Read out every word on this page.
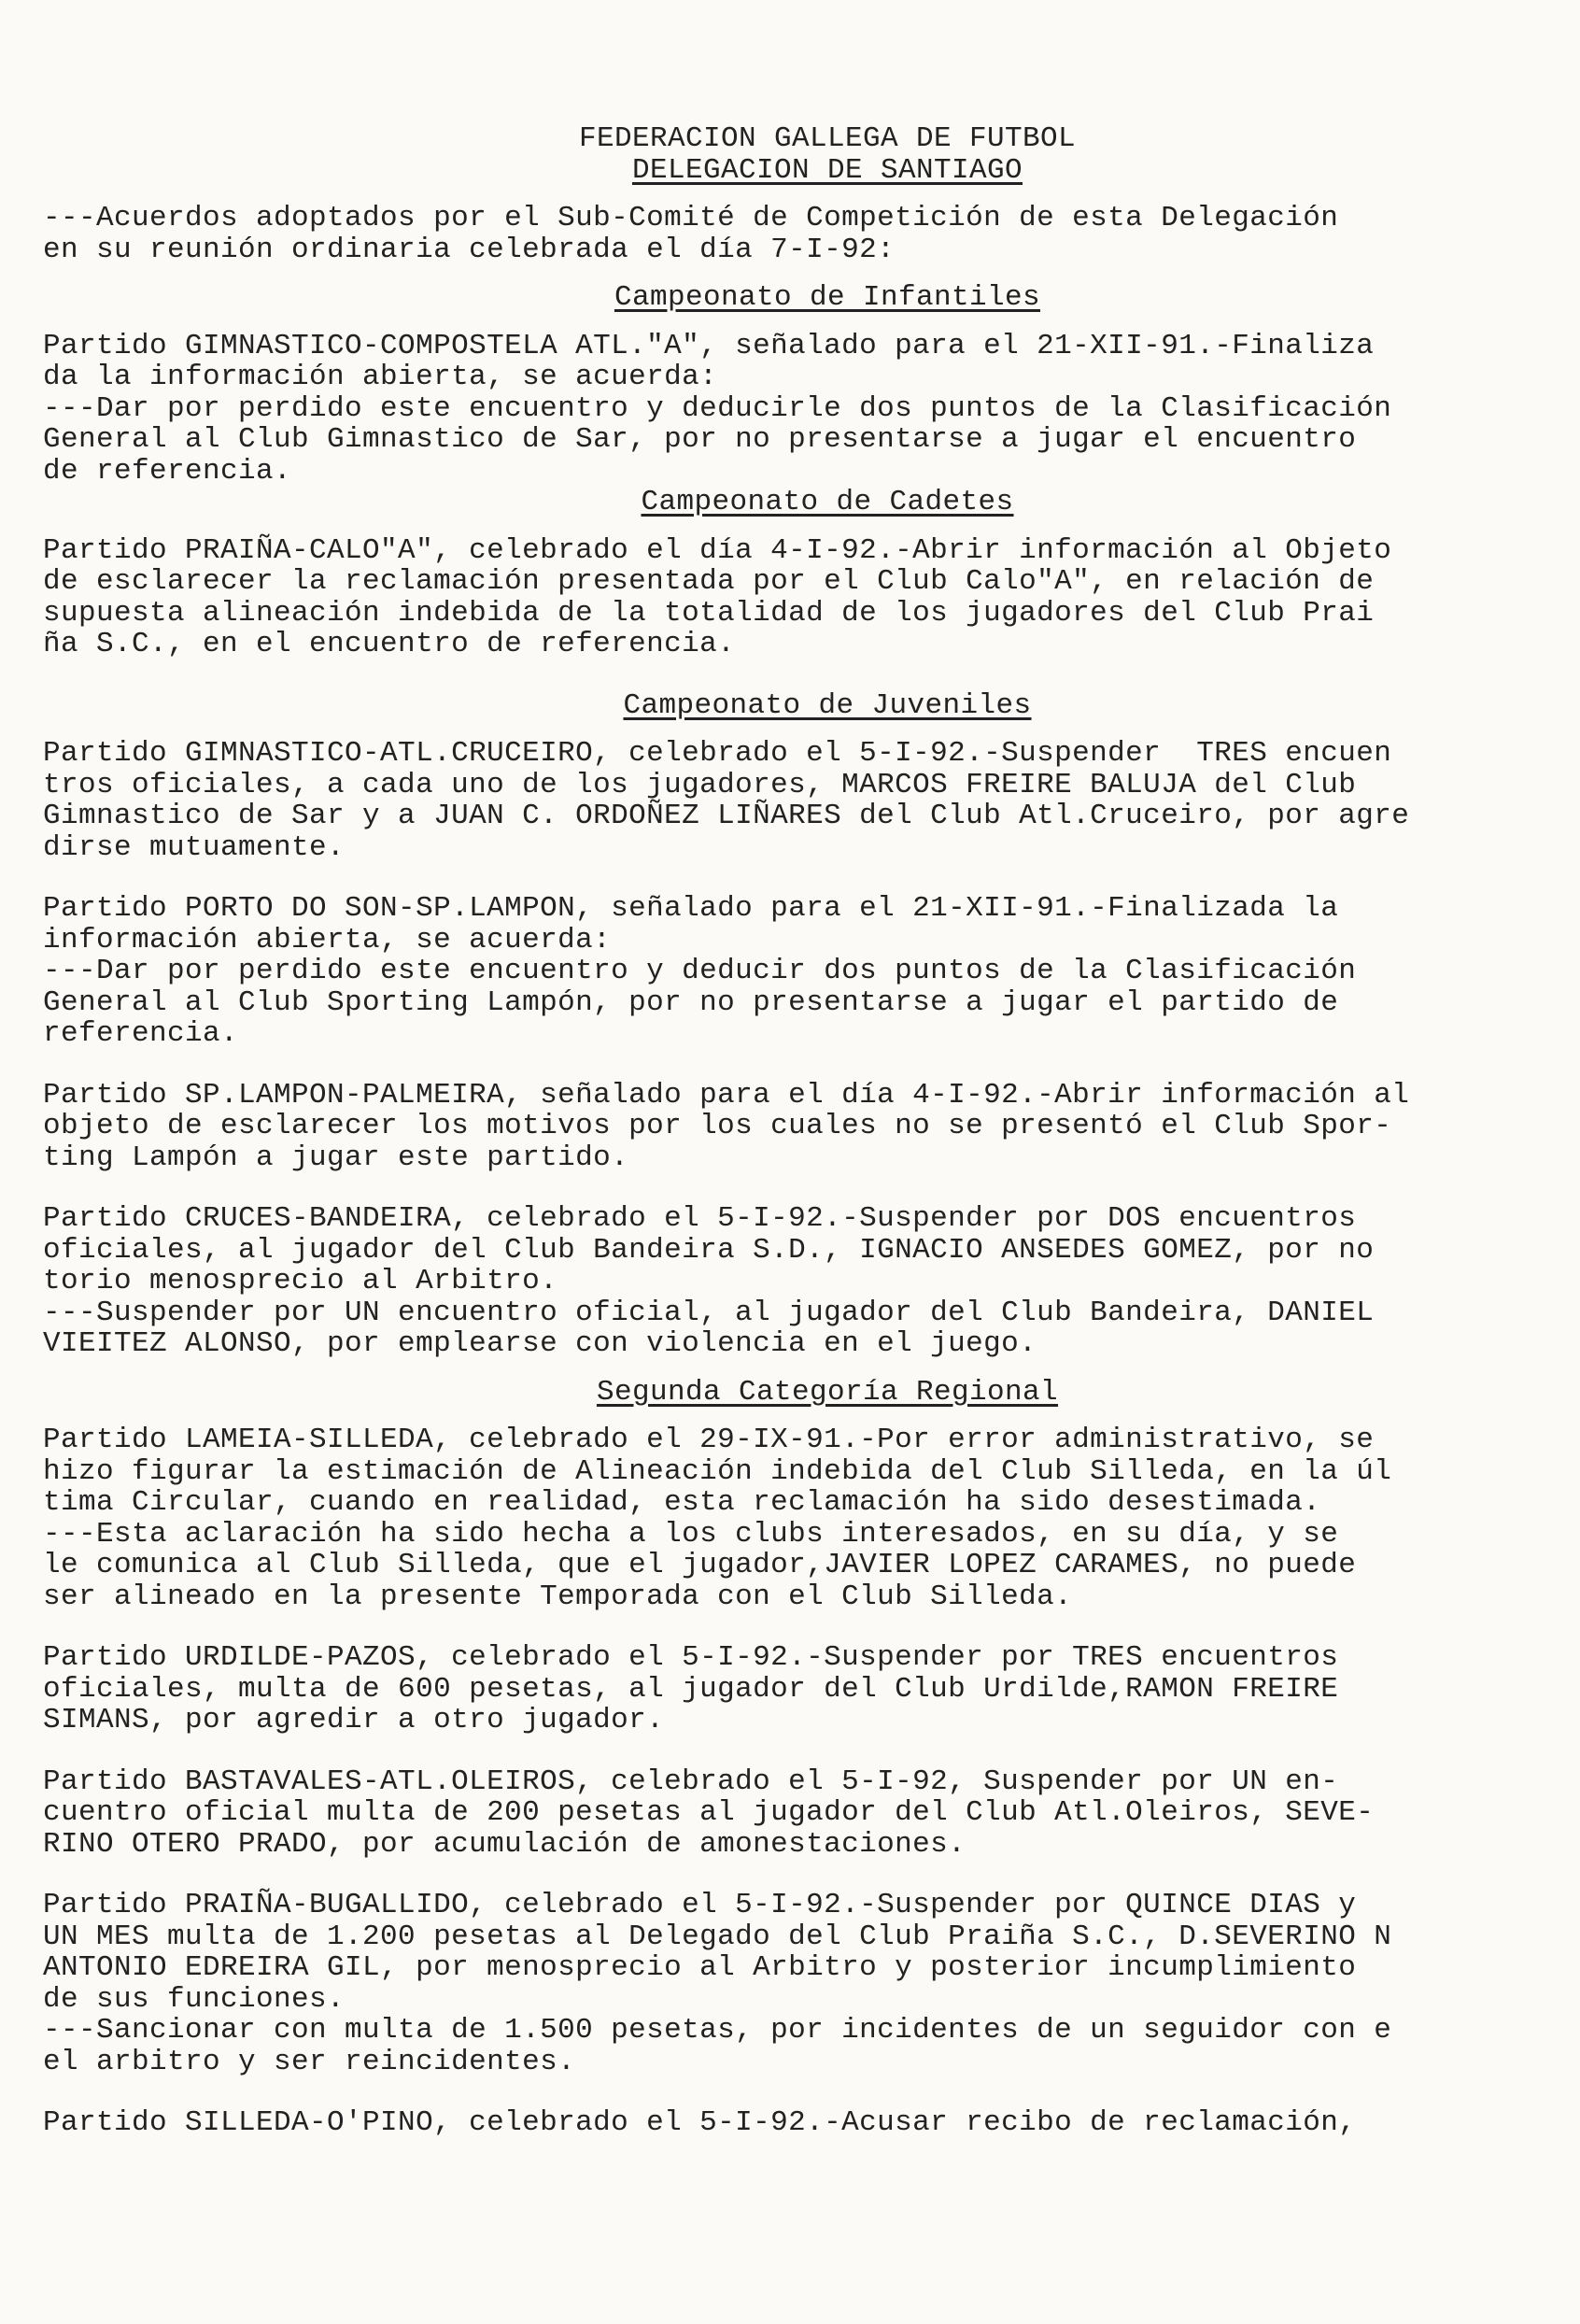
FEDERACION GALLEGA DE FUTBOL
DELEGACION DE SANTIAGO

---Acuerdos adoptados por el Sub-Comité de Competición de esta Delegación

en su reunión ordinaria celebrada el día 7-I-92:

Campeonato de Infantiles

Partido GIMNASTICO-COMPOSTELA ATL."A", señalado para el 21-XII-91.-Finaliza

da la información abierta, se acuerda:

---Dar por perdido este encuentro y deducirle dos puntos de la Clasificación

General al Club Gimnastico de Sar, por no presentarse a jugar el encuentro

de referencia.

Campeonato de Cadetes

Partido PRAIÑA-CALO"A", celebrado el día 4-I-92.-Abrir información al Objeto

de esclarecer la reclamación presentada por el Club Calo"A", en relación de

supuesta alineación indebida de la totalidad de los jugadores del Club Prai

ña S.C., en el encuentro de referencia.

Campeonato de Juveniles

Partido GIMNASTICO-ATL.CRUCEIRO, celebrado el 5-I-92.-Suspender  TRES encuen

tros oficiales, a cada uno de los jugadores, MARCOS FREIRE BALUJA del Club

Gimnastico de Sar y a JUAN C. ORDOÑEZ LIÑARES del Club Atl.Cruceiro, por agre

dirse mutuamente.

Partido PORTO DO SON-SP.LAMPON, señalado para el 21-XII-91.-Finalizada la

información abierta, se acuerda:

---Dar por perdido este encuentro y deducir dos puntos de la Clasificación

General al Club Sporting Lampón, por no presentarse a jugar el partido de

referencia.

Partido SP.LAMPON-PALMEIRA, señalado para el día 4-I-92.-Abrir información al

objeto de esclarecer los motivos por los cuales no se presentó el Club Spor-

ting Lampón a jugar este partido.

Partido CRUCES-BANDEIRA, celebrado el 5-I-92.-Suspender por DOS encuentros

oficiales, al jugador del Club Bandeira S.D., IGNACIO ANSEDES GOMEZ, por no

torio menosprecio al Arbitro.

---Suspender por UN encuentro oficial, al jugador del Club Bandeira, DANIEL

VIEITEZ ALONSO, por emplearse con violencia en el juego.

Segunda Categoría Regional

Partido LAMEIA-SILLEDA, celebrado el 29-IX-91.-Por error administrativo, se

hizo figurar la estimación de Alineación indebida del Club Silleda, en la úl

tima Circular, cuando en realidad, esta reclamación ha sido desestimada.

---Esta aclaración ha sido hecha a los clubs interesados, en su día, y se

le comunica al Club Silleda, que el jugador,JAVIER LOPEZ CARAMES, no puede

ser alineado en la presente Temporada con el Club Silleda.

Partido URDILDE-PAZOS, celebrado el 5-I-92.-Suspender por TRES encuentros

oficiales, multa de 600 pesetas, al jugador del Club Urdilde,RAMON FREIRE

SIMANS, por agredir a otro jugador.

Partido BASTAVALES-ATL.OLEIROS, celebrado el 5-I-92, Suspender por UN en-

cuentro oficial multa de 200 pesetas al jugador del Club Atl.Oleiros, SEVE-

RINO OTERO PRADO, por acumulación de amonestaciones.

Partido PRAIÑA-BUGALLIDO, celebrado el 5-I-92.-Suspender por QUINCE DIAS y

UN MES multa de 1.200 pesetas al Delegado del Club Praiña S.C., D.SEVERINO N

ANTONIO EDREIRA GIL, por menosprecio al Arbitro y posterior incumplimiento

de sus funciones.

---Sancionar con multa de 1.500 pesetas, por incidentes de un seguidor con e

el arbitro y ser reincidentes.

Partido SILLEDA-O'PINO, celebrado el 5-I-92.-Acusar recibo de reclamación,
